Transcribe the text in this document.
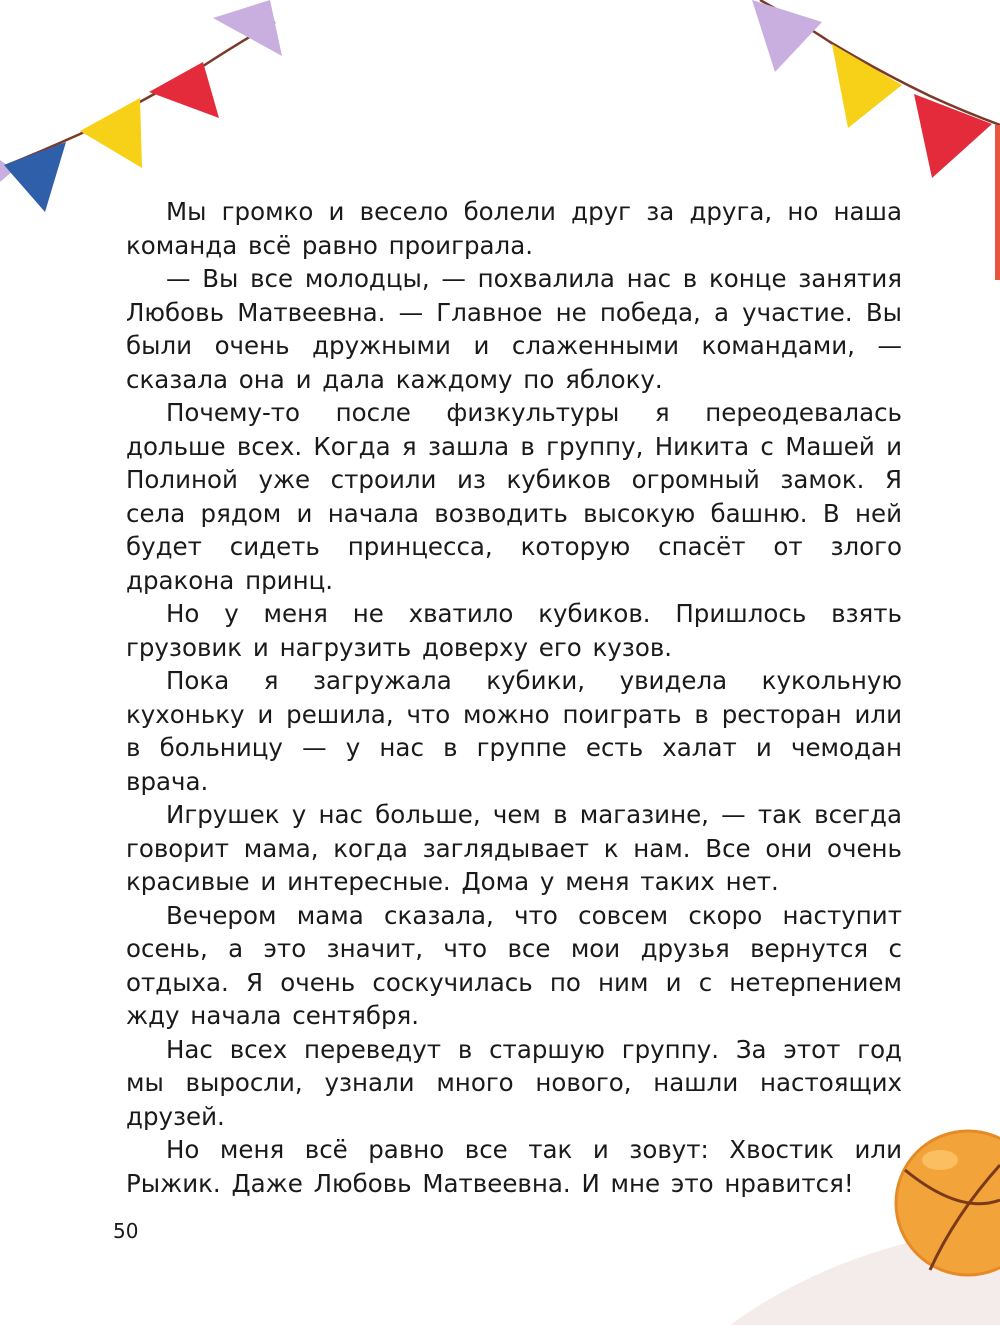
Мы громко и весело болели друг за друга, но наша команда всё равно проиграла.

— Вы все молодцы, — похвалила нас в конце занятия Любовь Матвеевна. — Главное не победа, а участие. Вы были очень дружными и слаженными командами, — сказала она и дала каждому по яблоку.

Почему-то после физкультуры я переодевалась дольше всех. Когда я зашла в группу, Никита с Машей и Полиной уже строили из кубиков огромный замок. Я села рядом и начала возводить высокую башню. В ней будет сидеть принцесса, которую спасёт от злого дракона принц.

Но у меня не хватило кубиков. Пришлось взять грузовик и нагрузить доверху его кузов.

Пока я загружала кубики, увидела кукольную кухоньку и решила, что можно поиграть в ресторан или в больницу — у нас в группе есть халат и чемодан врача.

Игрушек у нас больше, чем в магазине, — так всегда говорит мама, когда заглядывает к нам. Все они очень красивые и интересные. Дома у меня таких нет.

Вечером мама сказала, что совсем скоро наступит осень, а это значит, что все мои друзья вернутся с отдыха. Я очень соскучилась по ним и с нетерпением жду начала сентября.

Нас всех переведут в старшую группу. За этот год мы выросли, узнали много нового, нашли настоящих друзей.

Но меня всё равно все так и зовут: Хвостик или Рыжик. Даже Любовь Матвеевна. И мне это нравится!

50
